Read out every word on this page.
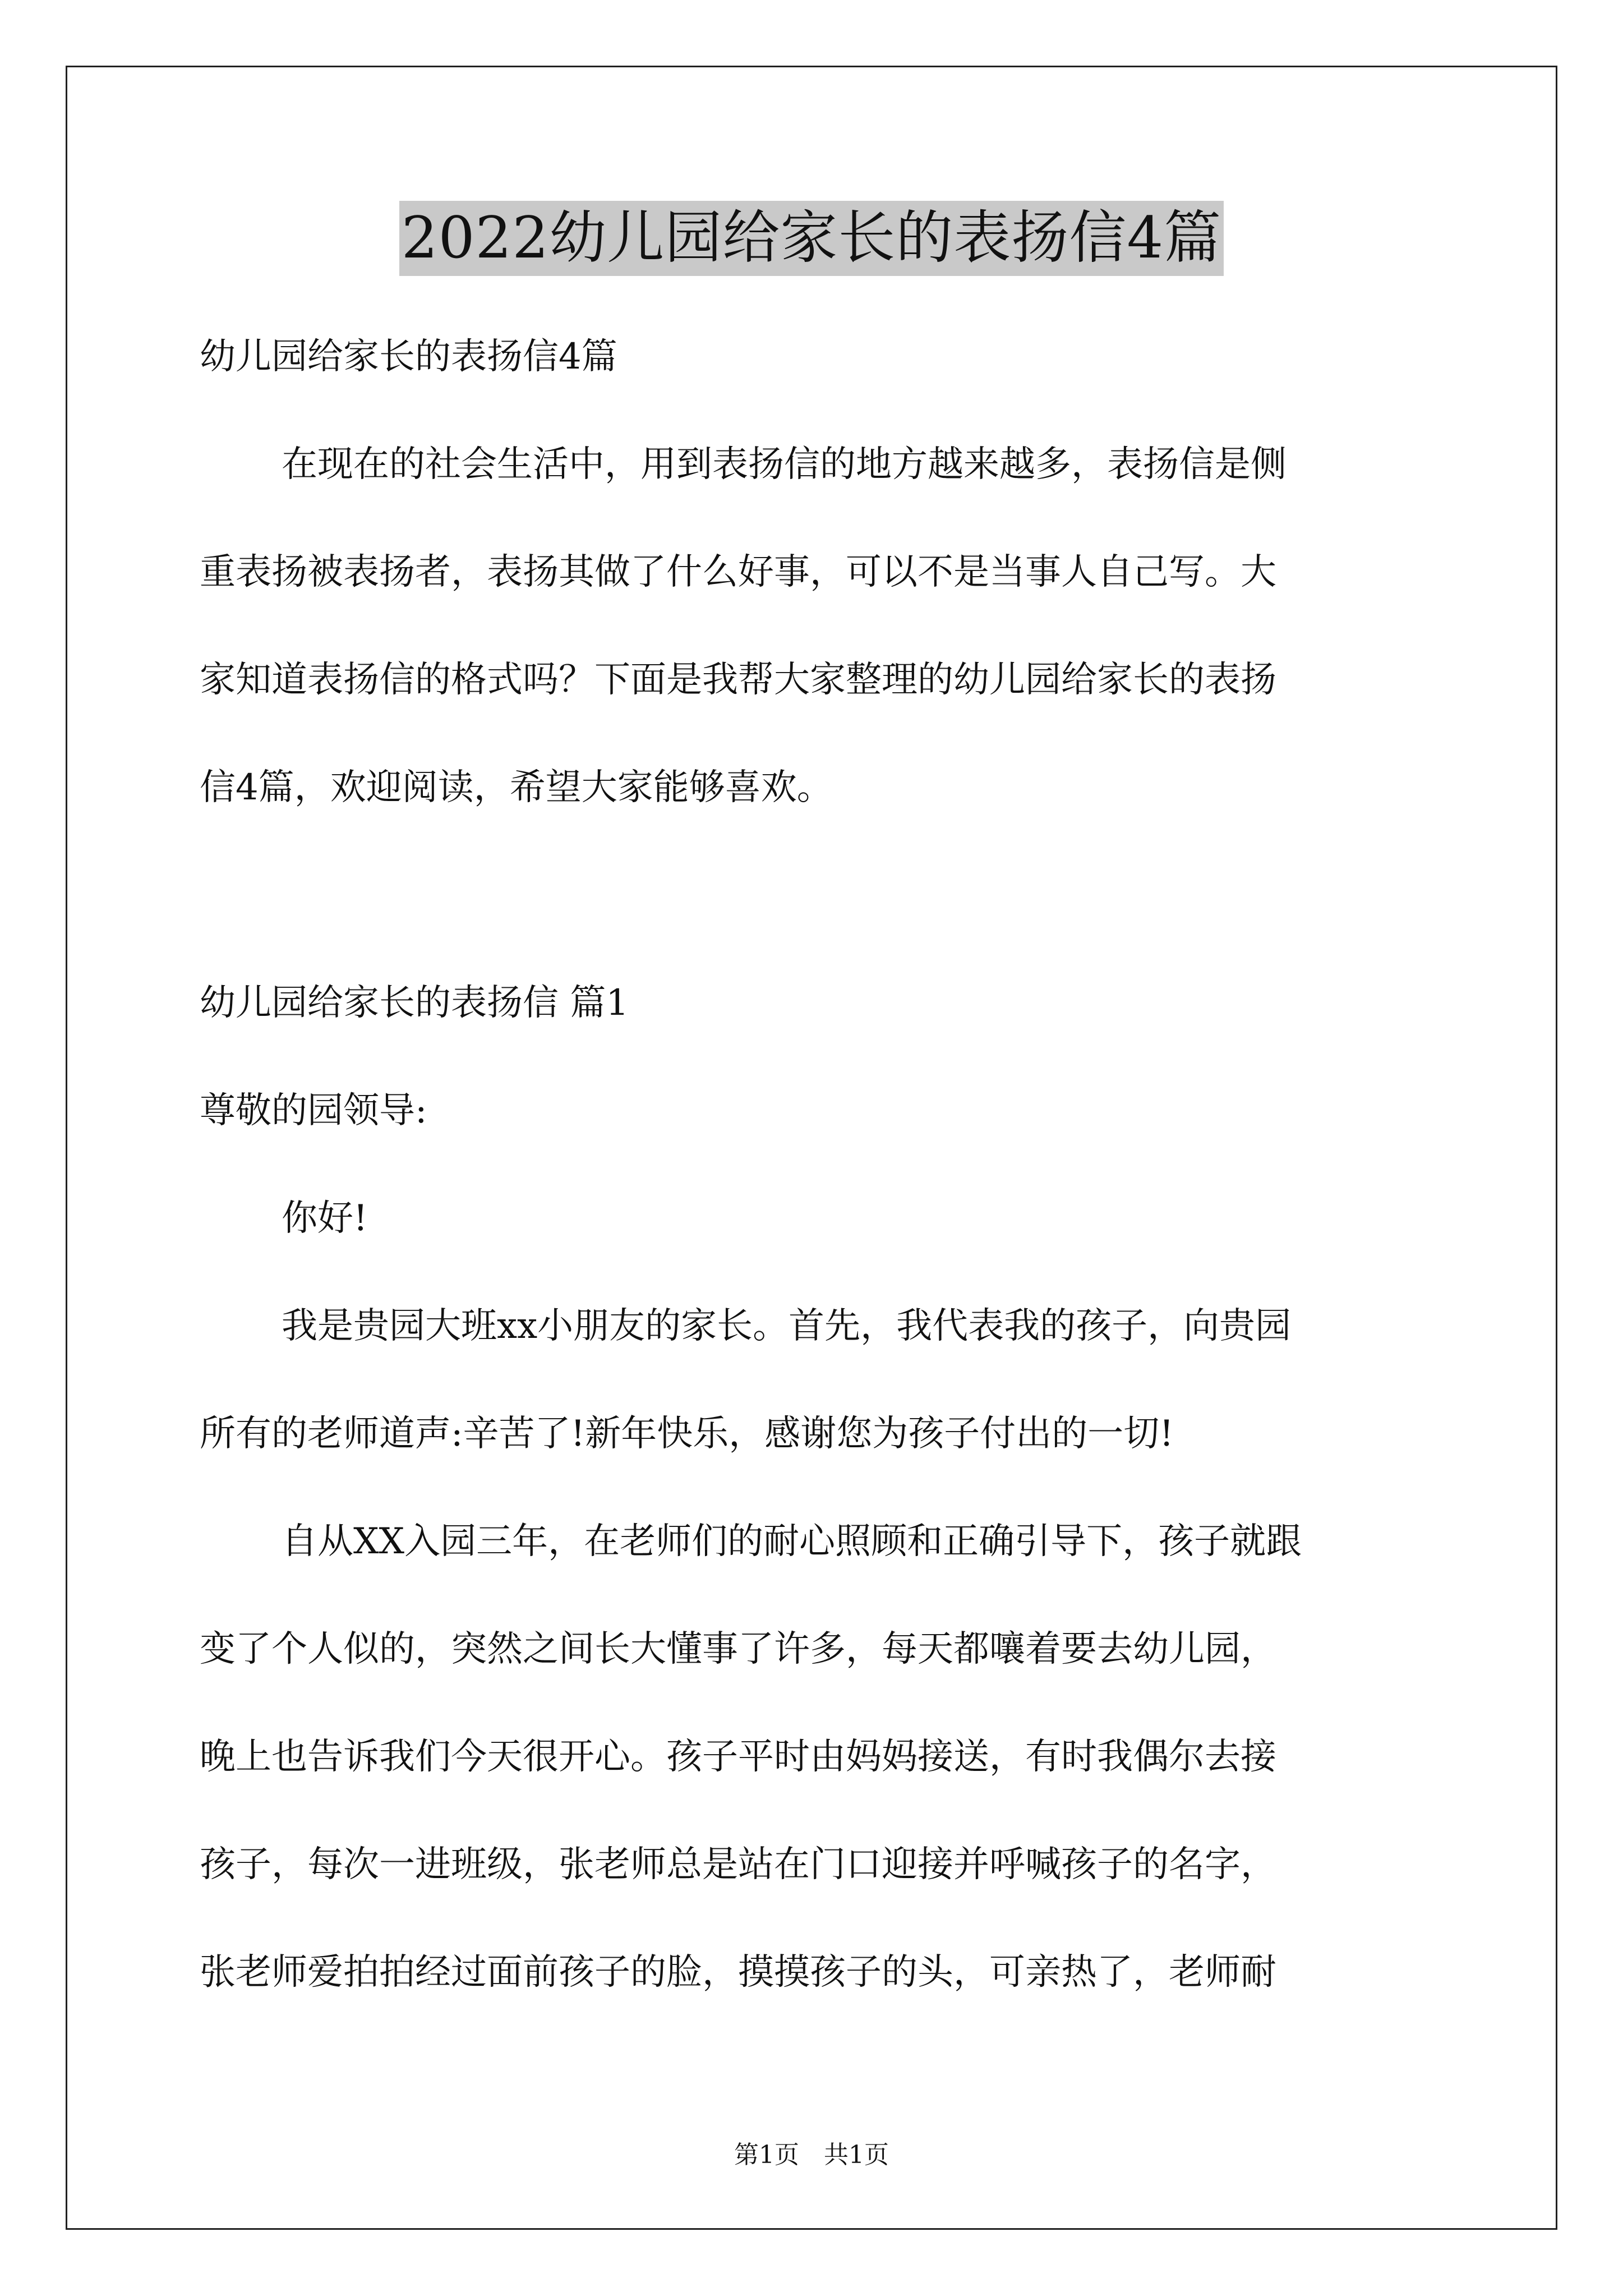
2022幼儿园给家长的表扬信4篇
幼儿园给家长的表扬信4篇
在现在的社会生活中，用到表扬信的地方越来越多，表扬信是侧
重表扬被表扬者，表扬其做了什么好事，可以不是当事人自己写。大
家知道表扬信的格式吗？下面是我帮大家整理的幼儿园给家长的表扬
信4篇，欢迎阅读，希望大家能够喜欢。
幼儿园给家长的表扬信 篇1
尊敬的园领导:
你好!
我是贵园大班xx小朋友的家长。首先，我代表我的孩子，向贵园
所有的老师道声:辛苦了!新年快乐，感谢您为孩子付出的一切!
自从XX入园三年，在老师们的耐心照顾和正确引导下，孩子就跟
变了个人似的，突然之间长大懂事了许多，每天都嚷着要去幼儿园，
晚上也告诉我们今天很开心。孩子平时由妈妈接送，有时我偶尔去接
孩子，每次一进班级，张老师总是站在门口迎接并呼喊孩子的名字，
张老师爱拍拍经过面前孩子的脸，摸摸孩子的头，可亲热了，老师耐
第1页　共1页
